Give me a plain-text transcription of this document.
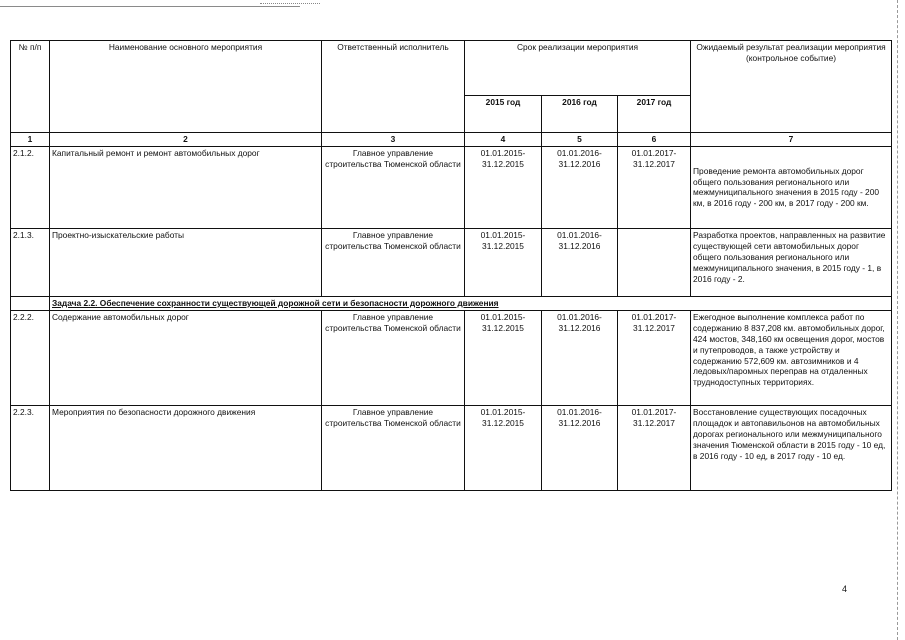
№ п/п	Наименование основного мероприятия	Ответственный исполнитель	Срок реализации мероприятия			Ожидаемый результат реализации мероприятия (контрольное событие)
			2015 год	2016 год	2017 год	
1	2	3	4	5	6	7
2.1.2.	Капитальный ремонт и ремонт автомобильных дорог	Главное управление строительства Тюменской области	01.01.2015-31.12.2015	01.01.2016-31.12.2016	01.01.2017-31.12.2017	Проведение ремонта автомобильных дорог общего пользования регионального или межмуниципального значения в 2015 году - 200 км, в 2016 году - 200 км, в 2017 году - 200 км.
2.1.3.	Проектно-изыскательские работы	Главное управление строительства Тюменской области	01.01.2015-31.12.2015	01.01.2016-31.12.2016		Разработка проектов, направленных на развитие существующей сети автомобильных дорог общего пользования регионального или межмуниципального значения, в 2015 году - 1, в 2016 году - 2.
	Задача 2.2. Обеспечение сохранности существующей дорожной сети и безопасности дорожного движения					
2.2.2.	Содержание автомобильных дорог	Главное управление строительства Тюменской области	01.01.2015-31.12.2015	01.01.2016-31.12.2016	01.01.2017-31.12.2017	Ежегодное выполнение комплекса работ по содержанию 8 837,208 км. автомобильных дорог, 424 мостов, 348,160 км освещения дорог, мостов и путепроводов, а также устройству и содержанию 572,609 км. автозимников и 4 ледовых/паромных переправ на отдаленных труднодоступных территориях.
2.2.3.	Мероприятия по безопасности дорожного движения	Главное управление строительства Тюменской области	01.01.2015-31.12.2015	01.01.2016-31.12.2016	01.01.2017-31.12.2017	Восстановление существующих посадочных площадок и автопавильонов на автомобильных дорогах регионального или межмуниципального значения Тюменской области в 2015 году - 10 ед, в 2016 году - 10 ед, в 2017 году - 10 ед.
4
